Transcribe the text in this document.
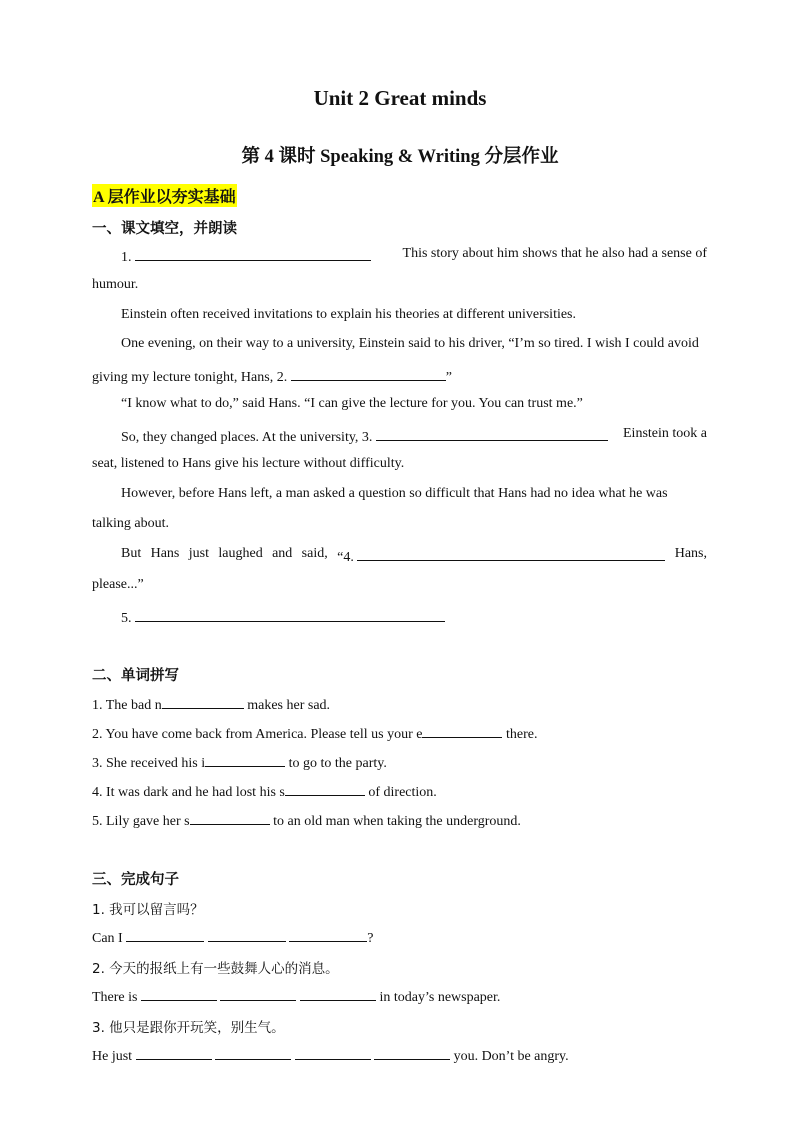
Unit 2 Great minds
第 4 课时 Speaking & Writing 分层作业
A 层作业以夯实基础
一、课文填空，并朗读
1.	This story about him shows that he also had a sense of
humour.
Einstein often received invitations to explain his theories at different universities.
One evening, on their way to a university, Einstein said to his driver, “I’m so tired. I wish I could avoid
giving my lecture tonight, Hans, 2.	”
“I know what to do,” said Hans. “I can give the lecture for you. You can trust me.”
So, they changed places. At the university, 3.	Einstein took a
seat, listened to Hans give his lecture without difficulty.
However, before Hans left, a man asked a question so difficult that Hans had no idea what he was
talking about.
But Hans just laughed and said, “4.	Hans,
please...”
5.
二、单词拼写
1. The bad n	makes her sad.
2. You have come back from America. Please tell us your e	there.
3. She received his i	to go to the party.
4. It was dark and he had lost his s	of direction.
5. Lily gave her s	to an old man when taking the underground.
三、完成句子
1. 我可以留言吗？
Can I	?
2. 今天的报纸上有一些鼓舞人心的消息。
There is	in today’s newspaper.
3. 他只是跟你开玩笑，别生气。
He just	you. Don’t be angry.
